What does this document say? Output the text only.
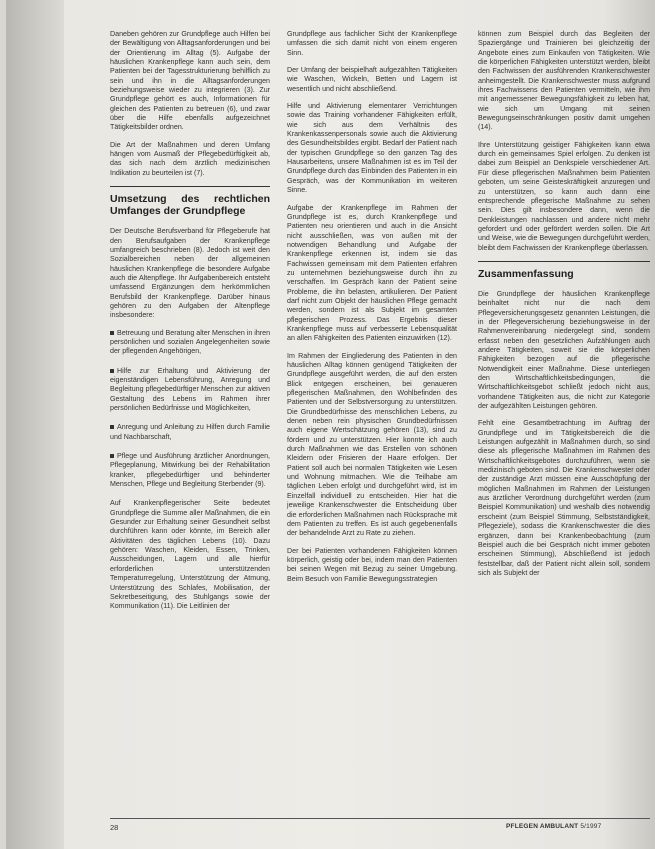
Daneben gehören zur Grundpflege auch Hilfen bei der Bewältigung von Alltagsanforderungen und bei der Orientierung im Alltag (5). Aufgabe der häuslichen Krankenpflege kann auch sein, dem Patienten bei der Tagesstrukturierung behilflich zu sein und ihn in die Alltagsanforderungen beziehungsweise wieder zu integrieren (3). Zur Grundpflege gehört es auch, Informationen für gleichen des Patienten zu betreuen (6), und zwar über die Hilfe ebenfalls aufgezeichnet Tätigkeitsbilder ordnen.

Die Art der Maßnahmen und deren Umfang hängen vom Ausmaß der Pflegebedürftigkeit ab, das sich nach dem ärztlich medizinischen Indikation zu beurteilen ist (7).

Umsetzung des rechtlichen Umfanges der Grundpflege

Der Deutsche Berufsverband für Pflegeberufe hat den Berufsaufgaben der Krankenpflege umfangreich beschrieben (8). Jedoch ist weit den Sozialbereichen neben der allgemeinen häuslichen Krankenpflege die besondere Aufgabe auch die Altenpflege. Ihr Aufgabenbereich entsteht umfassend Ergänzungen dem herkömmlichen Berufsbild der Krankenpflege. Darüber hinaus gehören zu den Aufgaben der Altenpflege insbesondere:

Betreuung und Beratung alter Menschen in ihren persönlichen und sozialen Angelegenheiten sowie der pflegenden Angehörigen,
Hilfe zur Erhaltung und Aktivierung der eigenständigen Lebensführung, Anregung und Begleitung pflegebedürftiger Menschen zur aktiven Gestaltung des Lebens im Rahmen ihrer persönlichen Bedürfnisse und Möglichkeiten,
Anregung und Anleitung zu Hilfen durch Familie und Nachbarschaft,
Pflege und Ausführung ärztlicher Anordnungen, Pflegeplanung, Mitwirkung bei der Rehabilitation kranker, pflegebedürftiger und behinderter Menschen, Pflege und Begleitung Sterbender (9).

Auf Krankenpflegerischer Seite bedeutet Grundpflege die Summe aller Maßnahmen, die ein Gesunder zur Erhaltung seiner Gesundheit selbst durchführen kann oder könnte, im Bereich aller Aktivitäten des täglichen Lebens (10). Dazu gehören: Waschen, Kleiden, Essen, Trinken, Ausscheidungen, Lagern und alle hierfür erforderlichen unterstützenden Temperaturregelung, Unterstützung der Atmung, Unterstützung des Schlafes, Mobilisation, der Sekretbeseitigung, des Stuhlgangs sowie der Kommunikation (11). Die Leitlinien der

Grundpflege aus fachlicher Sicht der Krankenpflege umfassen die sich damit nicht von einem engeren Sinn.

Der Umfang der beispielhaft aufgezählten Tätigkeiten wie Waschen, Wickeln, Betten und Lagern ist wesentlich und nicht abschließend.

Hilfe und Aktivierung elementarer Verrichtungen sowie das Training vorhandener Fähigkeiten erfüllt, wie sich aus dem Verhältnis des Krankenkassenpersonals sowie auch die Aktivierung des Gesundheitsbildes ergibt. Bedarf der Patient nach der typischen Grundpflege so den ganzen Tag des Hausarbeitens, unsere Maßnahmen ist es im Teil der Grundpflege durch das Einbinden des Patienten in ein Gespräch, was der Kommunikation im weiteren Sinne.

Aufgabe der Krankenpflege im Rahmen der Grundpflege ist es, durch Krankenpflege und Patienten neu orientieren und auch in die Ansicht nicht ausschließen, was von außen mit der notwendigen Behandlung und Aufgabe der Krankenpflege erkennen ist, indem sie das Fachwissen gemeinsam mit dem Patienten erfahren zu unternehmen beziehungsweise durch ihn zu verschaffen. Im Gespräch kann der Patient seine Probleme, die ihn belasten, artikulieren. Der Patient darf nicht zum Objekt der häuslichen Pflege gemacht werden, sondern ist als Subjekt im gesamten pflegerischen Prozess. Das Ergebnis dieser Krankenpflege muss auf verbesserte Lebensqualität an allen Fähigkeiten des Patienten einzuwirken (12).

Im Rahmen der Eingliederung des Patienten in den häuslichen Alltag können genügend Tätigkeiten der Grundpflege ausgeführt werden, die auf den ersten Blick entgegen erscheinen, bei genaueren pflegerischen Maßnahmen, den Wohlbefinden des Patienten und der Selbstversorgung zu unterstützen. Die Grundbedürfnisse des menschlichen Lebens, zu denen neben rein physischen Grundbedürfnissen auch eigene Wertschätzung gehören (13), sind zu fördern und zu unterstützen. Hier konnte ich auch durch Maßnahmen wie das Erstellen von schönen Kleidern oder Frisieren der Haare erfolgen. Der Patient soll auch bei normalen Tätigkeiten wie Lesen und Wohnung mitmachen. Wie die Teilhabe am täglichen Leben erfolgt und durchgeführt wird, ist im Einzelfall individuell zu entscheiden. Hier hat die jeweilige Krankenschwester die Entscheidung über die erforderlichen Maßnahmen nach Rücksprache mit dem Patienten zu treffen. Es ist auch gegebenenfalls der behandelnde Arzt zu Rate zu ziehen.

Der bei Patienten vorhandenen Fähigkeiten können körperlich, geistig oder bei, indem man den Patienten bei seinen Wegen mit Bezug zu seiner Umgebung. Beim Besuch von Familie Bewegungsstrategien

können zum Beispiel durch das Begleiten der Spaziergänge und Trainieren bei gleichzeitig der Angebote eines zum Einkaufen von Tätigkeiten. Wie die körperlichen Fähigkeiten unterstützt werden, bleibt den Fachwissen der ausführenden Krankenschwester anheimgestellt. Die Krankenschwester muss aufgrund ihres Fachwissens den Patienten vermitteln, wie ihm mit angemessener Bewegungsfähigkeit zu leben hat, wie sich um Umgang mit seinen Bewegungseinschränkungen positiv damit umgehen (14).

Ihre Unterstützung geistiger Fähigkeiten kann etwa durch ein gemeinsames Spiel erfolgen. Zu denken ist dabei zum Beispiel an Denkspiele verschiedener Art. Für diese pflegerischen Maßnahmen beim Patienten geboten, um seine Geisteskräftigkeit anzuregen und zu unterstützen, so kann auch dann eine entsprechende pflegerische Maßnahme zu sehen sein. Dies gilt insbesondere dann, wenn die Denkleistungen nachlassen und andere nicht mehr gefordert und oder gefördert werden sollen. Die Art und Weise, wie die Bewegungen durchgeführt werden, bleibt dem Fachwissen der Krankenpflege überlassen.

Zusammenfassung

Die Grundpflege der häuslichen Krankenpflege beinhaltet nicht nur die nach dem Pflegeversicherungsgesetz genannten Leistungen, die in der Pflegeversicherung beziehungsweise in der Rahmenvereinbarung niedergelegt sind, sondern erfasst neben den gesetzlichen Aufzählungen auch andere Tätigkeiten, soweit sie die körperlichen Fähigkeiten bezogen auf die pflegerische Notwendigkeit einer Maßnahme. Diese unterliegen den Wirtschaftlichkeitsbedingungen, die Wirtschaftlichkeitsgebot schließt jedoch nicht aus, vorhandene Tätigkeiten aus, die nicht zur Kategorie der aufgezählten Leistungen gehören.

Fehlt eine Gesamtbetrachtung im Auftrag der Grundpflege und im Tätigkeitsbereich die die Leistungen aufgezählt in Maßnahmen durch, so sind diese als pflegerische Maßnahmen im Rahmen des Wirtschaftlichkeitsgebotes durchzuführen, wenn sie medizinisch geboten sind. Die Krankenschwester oder der zuständige Arzt müssen eine Ausschöpfung der möglichen Maßnahmen im Rahmen der Leistungen aus ärztlicher Verordnung durchgeführt werden (zum Beispiel Kommunikation) und weshalb dies notwendig erscheint (zum Beispiel Stimmung, Selbstständigkeit, Pflegeziele), sodass die Krankenschwester die dies ergänzen, dann bei Krankenbeobachtung (zum Beispiel auch die bei Gespräch nicht immer geboten erscheinen Stimmung), Abschließend ist jedoch feststellbar, daß der Patient nicht allein soll, sondern sich als Subjekt der

28	PFLEGEN AMBULANT 5/1997
